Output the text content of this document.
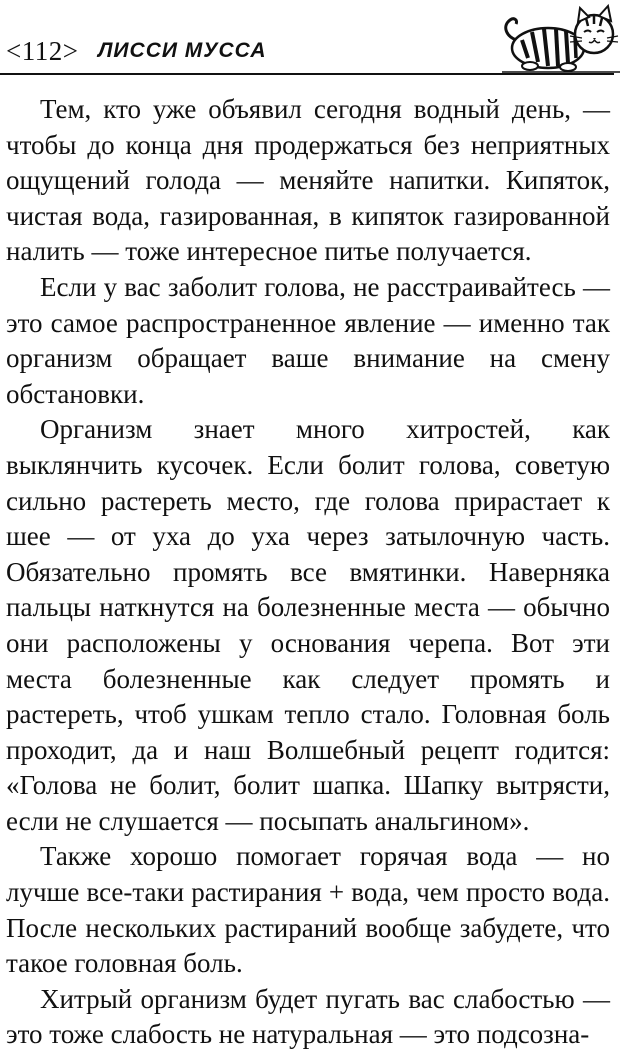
<112> ЛИССИ МУССА

Тем, кто уже объявил сегодня водный день, — чтобы до конца дня продержаться без неприятных ощущений голода — меняйте напитки. Кипяток, чистая вода, газированная, в кипяток газированной налить — тоже интересное питье получается.

Если у вас заболит голова, не расстраивайтесь — это самое распространенное явление — именно так организм обращает ваше внимание на смену обстановки.

Организм знает много хитростей, как выклянчить кусочек. Если болит голова, советую сильно растереть место, где голова прирастает к шее — от уха до уха через затылочную часть. Обязательно промять все вмятинки. Наверняка пальцы наткнутся на болезненные места — обычно они расположены у основания черепа. Вот эти места болезненные как следует промять и растереть, чтоб ушкам тепло стало. Головная боль проходит, да и наш Волшебный рецепт годится: «Голова не болит, болит шапка. Шапку вытрясти, если не слушается — посыпать анальгином».

Также хорошо помогает горячая вода — но лучше все-таки растирания + вода, чем просто вода. После нескольких растираний вообще забудете, что такое головная боль.

Хитрый организм будет пугать вас слабостью — это тоже слабость не натуральная — это подсозна-
